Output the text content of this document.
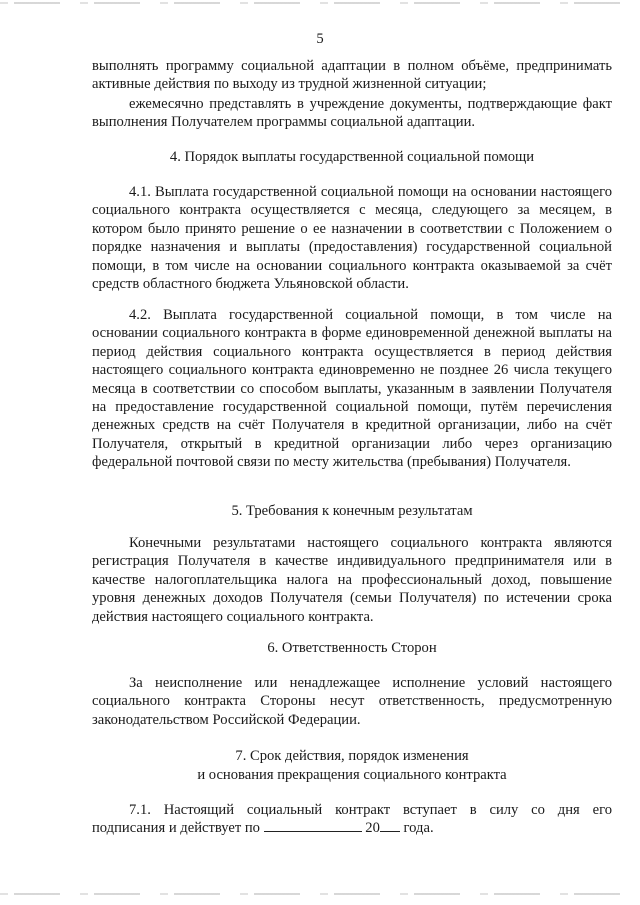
5

выполнять программу социальной адаптации в полном объёме, предпринимать активные действия по выходу из трудной жизненной ситуации;

ежемесячно представлять в учреждение документы, подтверждающие факт выполнения Получателем программы социальной адаптации.

4. Порядок выплаты государственной социальной помощи

4.1. Выплата государственной социальной помощи на основании настоящего социального контракта осуществляется с месяца, следующего за месяцем, в котором было принято решение о ее назначении в соответствии с Положением о порядке назначения и выплаты (предоставления) государственной социальной помощи, в том числе на основании социального контракта оказываемой за счёт средств областного бюджета Ульяновской области.

4.2. Выплата государственной социальной помощи, в том числе на основании социального контракта в форме единовременной денежной выплаты на период действия социального контракта осуществляется в период действия настоящего социального контракта единовременно не позднее 26 числа текущего месяца в соответствии со способом выплаты, указанным в заявлении Получателя на предоставление государственной социальной помощи, путём перечисления денежных средств на счёт Получателя в кредитной организации, либо на счёт Получателя, открытый в кредитной организации либо через организацию федеральной почтовой связи по месту жительства (пребывания) Получателя.

5. Требования к конечным результатам

Конечными результатами настоящего социального контракта являются регистрация Получателя в качестве индивидуального предпринимателя или в качестве налогоплательщика налога на профессиональный доход, повышение уровня денежных доходов Получателя (семьи Получателя) по истечении срока действия настоящего социального контракта.

6. Ответственность Сторон

За неисполнение или ненадлежащее исполнение условий настоящего социального контракта Стороны несут ответственность, предусмотренную законодательством Российской Федерации.

7. Срок действия, порядок изменения

и основания прекращения социального контракта

7.1. Настоящий социальный контракт вступает в силу со дня его

подписания и действует по	20 года.
